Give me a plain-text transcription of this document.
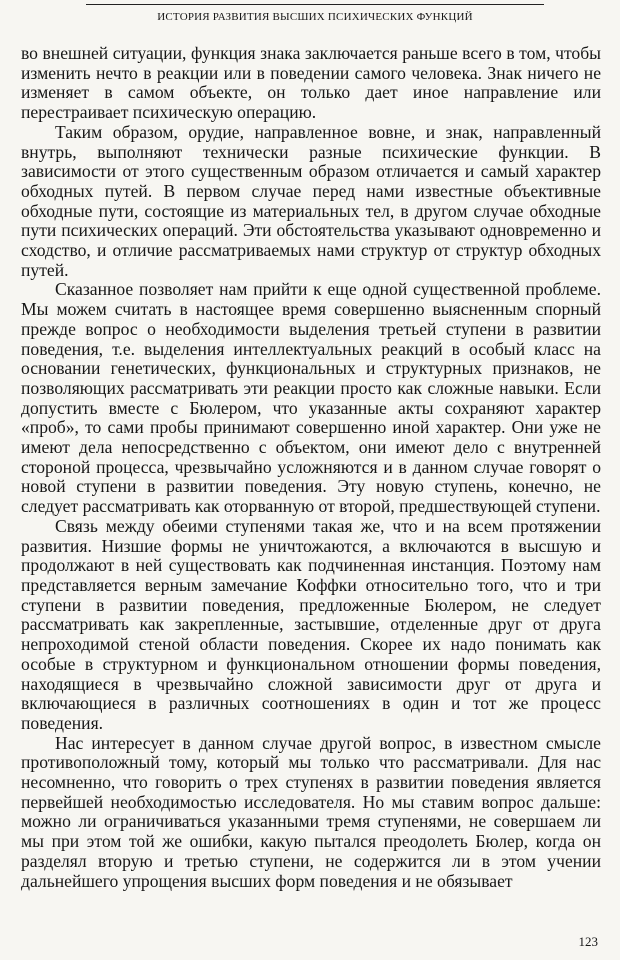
ИСТОРИЯ РАЗВИТИЯ ВЫСШИХ ПСИХИЧЕСКИХ ФУНКЦИЙ

во внешней ситуации, функция знака заключается раньше всего в том, чтобы изменить нечто в реакции или в поведении самого человека. Знак ничего не изменяет в самом объекте, он только дает иное направление или перестраивает психическую операцию.

Таким образом, орудие, направленное вовне, и знак, направленный внутрь, выполняют технически разные психические функции. В зависимости от этого существенным образом отличается и самый характер обходных путей. В первом случае перед нами известные объективные обходные пути, состоящие из материальных тел, в другом случае обходные пути психических операций. Эти обстоятельства указывают одновременно и сходство, и отличие рассматриваемых нами структур от структур обходных путей.

Сказанное позволяет нам прийти к еще одной существенной проблеме. Мы можем считать в настоящее время совершенно выясненным спорный прежде вопрос о необходимости выделения третьей ступени в развитии поведения, т.е. выделения интеллектуальных реакций в особый класс на основании генетических, функциональных и структурных признаков, не позволяющих рассматривать эти реакции просто как сложные навыки. Если допустить вместе с Бюлером, что указанные акты сохраняют характер «проб», то сами пробы принимают совершенно иной характер. Они уже не имеют дела непосредственно с объектом, они имеют дело с внутренней стороной процесса, чрезвычайно усложняются и в данном случае говорят о новой ступени в развитии поведения. Эту новую ступень, конечно, не следует рассматривать как оторванную от второй, предшествующей ступени.

Связь между обеими ступенями такая же, что и на всем протяжении развития. Низшие формы не уничтожаются, а включаются в высшую и продолжают в ней существовать как подчиненная инстанция. Поэтому нам представляется верным замечание Коффки относительно того, что и три ступени в развитии поведения, предложенные Бюлером, не следует рассматривать как закрепленные, застывшие, отделенные друг от друга непроходимой стеной области поведения. Скорее их надо понимать как особые в структурном и функциональном отношении формы поведения, находящиеся в чрезвычайно сложной зависимости друг от друга и включающиеся в различных соотношениях в один и тот же процесс поведения.

Нас интересует в данном случае другой вопрос, в известном смысле противоположный тому, который мы только что рассматривали. Для нас несомненно, что говорить о трех ступенях в развитии поведения является первейшей необходимостью исследователя. Но мы ставим вопрос дальше: можно ли ограничиваться указанными тремя ступенями, не совершаем ли мы при этом той же ошибки, какую пытался преодолеть Бюлер, когда он разделял вторую и третью ступени, не содержится ли в этом учении дальнейшего упрощения высших форм поведения и не обязывает

123
